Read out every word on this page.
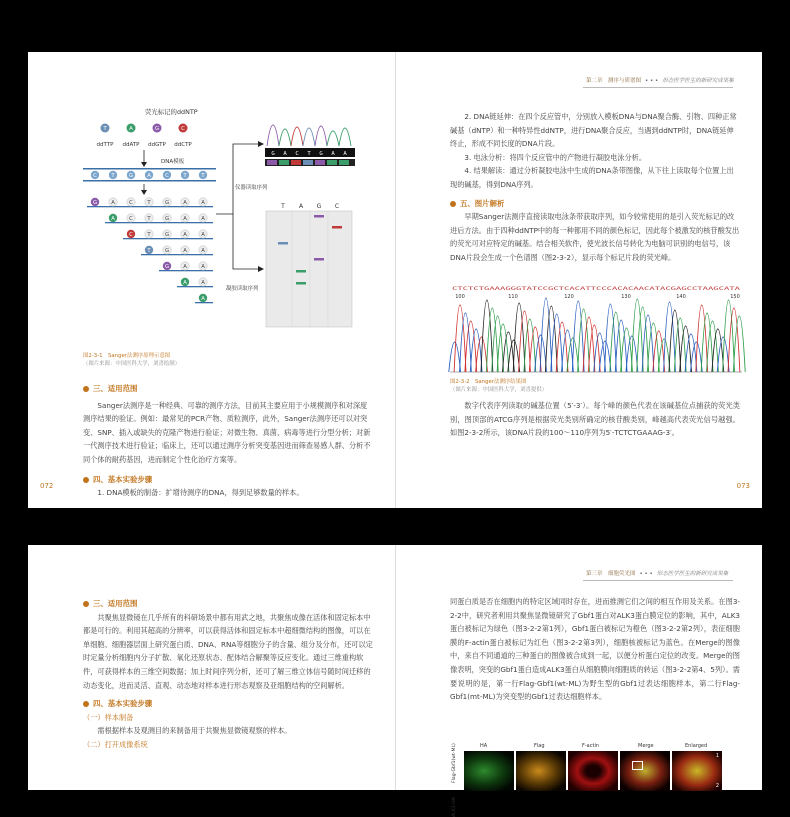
荧光标记的ddNTP
T	A	G	C
ddTTP ddATP ddGTP ddCTP
DNA模板
C	T	G	A	C	T	T
G	A	C	T	G	A	A
A	C	T	G	A	A
C	T	G	A	A
T	G	A	A
G	A	A
A	A
A
仪器读取序列
凝胶读取序列
G A C T G A A
T A G C
图2-3-1　Sanger法测序原理示意图
（图片来源：中国医科大学，刘喜绘制）
三、适用范围

Sanger法测序是一种经典、可靠的测序方法，目前其主要应用于小规模测序和对深度测序结果的验证。例如：最常见的PCR产物、质粒测序，此外，Sanger法测序还可以对突变、SNP、插入或缺失的克隆产物进行验证；对微生物、真菌、病毒等进行分型分析；对新一代测序技术进行验证；临床上，还可以通过测序分析突变基因进而筛查易感人群、分析不同个体的耐药基因，进而制定个性化治疗方案等。

四、基本实验步骤

1. DNA模板的制备：扩增待测序的DNA，得到足够数量的样本。

072
第二章　测序与质谱图 • • • 形态医学医生的新研究成果集

2. DNA链延伸：在四个反应管中，分别放入模板DNA与DNA聚合酶、引物、四种正常碱基（dNTP）和一种特异性ddNTP，进行DNA聚合反应，当遇到ddNTP时，DNA链延伸终止，形成不同长度的DNA片段。

3. 电泳分析：将四个反应管中的产物进行凝胶电泳分析。

4. 结果解读：通过分析凝胶电泳中生成的DNA条带图像，从下往上读取每个位置上出现的碱基，得到DNA序列。

五、图片解析

早期Sanger法测序直接读取电泳条带获取序列，如今较常使用的是引入荧光标记的改进后方法。由于四种ddNTP中的每一种都用不同的颜色标记，因此每个被激发的核苷酸发出的荧光可对应特定的碱基。结合相关软件，使光波长信号转化为电脑可识别的电信号，该DNA片段会生成一个色谱图（图2-3-2），显示每个标记片段的荧光峰。

CTCTCTGAAAGGGTATCCGCTCACATTCCCACACAACATACGAGCCTAAGCATA
100	110	120	130	140	150
图2-3-2　Sanger法测序结果图
（图片来源：中国医科大学，刘喜提供）

数字代表序列读取的碱基位置（5′-3′）。每个峰的颜色代表在该碱基位点捕获的荧光类别，图顶部的ATCG序列是根据荧光类别所确定的核苷酸类别，峰越高代表荧光信号越强。如图2-3-2所示，该DNA片段的100～110序列为5′-TCTCTGAAAG-3′。

073
三、适用范围

共聚焦显微镜在几乎所有的科研场景中都有用武之地，共聚焦成像在活体和固定标本中都是可行的。利用其超高的分辨率，可以获得活体和固定标本中超细微结构的图像，可以在单细胞、细胞器层面上研究蛋白质、DNA、RNA等细胞分子的含量、组分及分布，还可以定时定量分析细胞内分子扩散、氧化还原状态、配体结合解聚等反应变化。通过三维重构软件，可获得样本的三维空间数据；加上时间序列分析，还可了解三维立体信号随时间迁移的动态变化，进而灵活、直观、动态地对样本进行形态观察及亚细胞结构的空间解析。

四、基本实验步骤

（一）样本制备

需根据样本及观测目的来制备用于共聚焦显微镜观察的样本。

（二）打开成像系统

第三章　细胞荧光图 • • • 形态医学医生的新研究成果集

同蛋白质是否在细胞内的特定区域同时存在，进而推测它们之间的相互作用及关系。在图3-2-2中，研究者利用共聚焦显微镜研究了Gbf1蛋白对ALK3蛋白膜定位的影响，其中，ALK3蛋白被标记为绿色（图3-2-2第1列），Gbf1蛋白被标记为橙色（图3-2-2第2列），表征细胞膜的F-actin蛋白被标记为红色（图3-2-2第3列），细胞核被标记为蓝色。在Merge的图像中，来自不同通道的三种蛋白的图像被合成到一起，以便分析蛋白定位的改变。Merge的图像表明，突变的Gbf1蛋白造成ALK3蛋白从细胞膜向细胞质的转运（图3-2-2第4、5列）。需要说明的是，第一行Flag-Gbf1(wt-ML)为野生型的Gbf1过表达细胞样本，第二行Flag-Gbf1(mt-ML)为突变型的Gbf1过表达细胞样本。

Flag-Gbf1(wt-ML)
ALK3-HA
HA	Flag	F-actin	Merge	Enlarged
1
2
